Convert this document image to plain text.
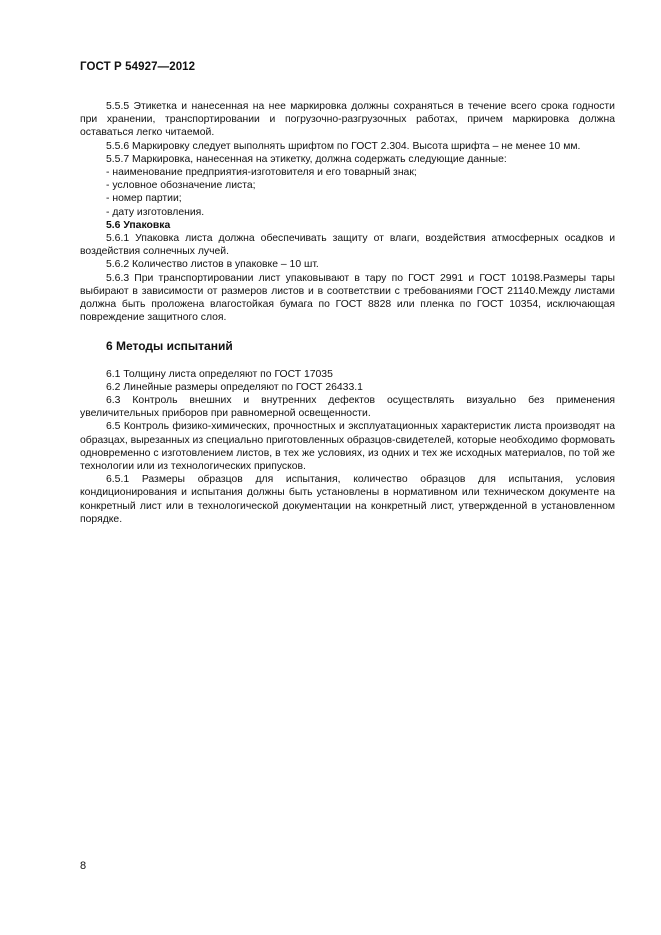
ГОСТ Р 54927—2012

5.5.5 Этикетка и нанесенная на нее маркировка должны сохраняться в течение всего срока годности при хранении, транспортировании и погрузочно-разгрузочных работах, причем маркировка должна оставаться легко читаемой.

5.5.6 Маркировку следует выполнять шрифтом по ГОСТ 2.304. Высота шрифта – не менее 10 мм.

5.5.7 Маркировка, нанесенная на этикетку, должна содержать следующие данные:

- наименование предприятия-изготовителя и его товарный знак;

- условное обозначение листа;

- номер партии;

- дату изготовления.

5.6 Упаковка

5.6.1 Упаковка листа должна обеспечивать защиту от влаги, воздействия атмосферных осадков и воздействия солнечных лучей.

5.6.2 Количество листов в упаковке – 10 шт.

5.6.3 При транспортировании лист упаковывают в тару по ГОСТ 2991 и ГОСТ 10198.Размеры тары выбирают в зависимости от размеров листов и в соответствии с требованиями ГОСТ 21140.Между листами должна быть проложена влагостойкая бумага по ГОСТ 8828 или пленка по ГОСТ 10354, исключающая повреждение защитного слоя.

6 Методы испытаний

6.1 Толщину листа определяют по ГОСТ 17035

6.2 Линейные размеры определяют по ГОСТ 26433.1

6.3 Контроль внешних и внутренних дефектов осуществлять визуально без применения увеличительных приборов при равномерной освещенности.

6.5 Контроль физико-химических, прочностных и эксплуатационных характеристик листа производят на образцах, вырезанных из специально приготовленных образцов-свидетелей, которые необходимо формовать одновременно с изготовлением листов, в тех же условиях, из одних и тех же исходных материалов, по той же технологии или из технологических припусков.

6.5.1 Размеры образцов для испытания, количество образцов для испытания, условия кондиционирования и испытания должны быть установлены в нормативном или техническом документе на конкретный лист или в технологической документации на конкретный лист, утвержденной в установленном порядке.

8
